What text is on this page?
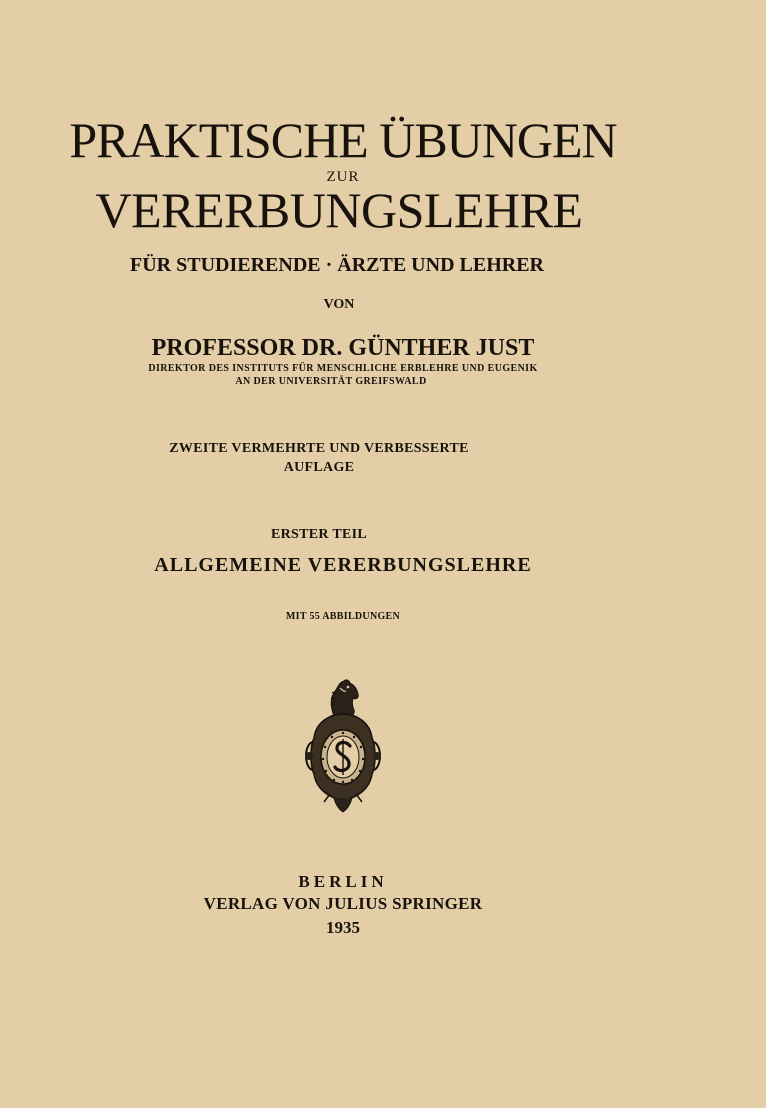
PRAKTISCHE ÜBUNGEN
ZUR
VERERBUNGSLEHRE
FÜR STUDIERENDE · ÄRZTE UND LEHRER
VON
PROFESSOR DR. GÜNTHER JUST
DIREKTOR DES INSTITUTS FÜR MENSCHLICHE ERBLEHRE UND EUGENIK
AN DER UNIVERSITÄT GREIFSWALD
ZWEITE VERMEHRTE UND VERBESSERTE
AUFLAGE
ERSTER TEIL
ALLGEMEINE VERERBUNGSLEHRE
MIT 55 ABBILDUNGEN
BERLIN
VERLAG VON JULIUS SPRINGER
1935
